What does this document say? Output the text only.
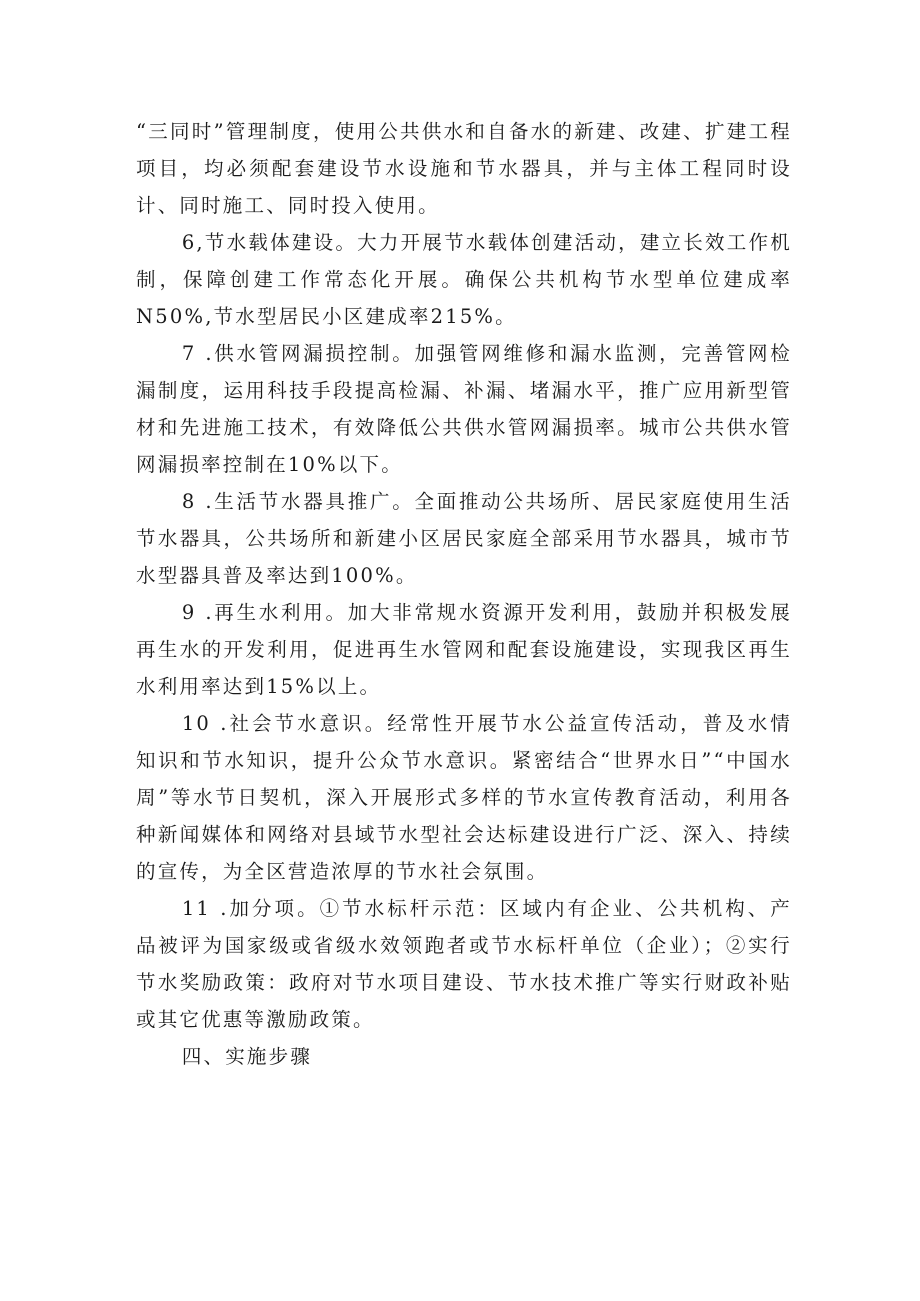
“三同时”管理制度，使用公共供水和自备水的新建、改建、扩建工程项目，均必须配套建设节水设施和节水器具，并与主体工程同时设计、同时施工、同时投入使用。

6,节水载体建设。大力开展节水载体创建活动，建立长效工作机制，保障创建工作常态化开展。确保公共机构节水型单位建成率N50%,节水型居民小区建成率215%。

7 .供水管网漏损控制。加强管网维修和漏水监测，完善管网检漏制度，运用科技手段提高检漏、补漏、堵漏水平，推广应用新型管材和先进施工技术，有效降低公共供水管网漏损率。城市公共供水管网漏损率控制在10%以下。

8 .生活节水器具推广。全面推动公共场所、居民家庭使用生活节水器具，公共场所和新建小区居民家庭全部采用节水器具，城市节水型器具普及率达到100%。

9 .再生水利用。加大非常规水资源开发利用，鼓励并积极发展再生水的开发利用，促进再生水管网和配套设施建设，实现我区再生水利用率达到15%以上。

10 .社会节水意识。经常性开展节水公益宣传活动，普及水情知识和节水知识，提升公众节水意识。紧密结合“世界水日”“中国水周”等水节日契机，深入开展形式多样的节水宣传教育活动，利用各种新闻媒体和网络对县域节水型社会达标建设进行广泛、深入、持续的宣传，为全区营造浓厚的节水社会氛围。

11 .加分项。①节水标杆示范：区域内有企业、公共机构、产品被评为国家级或省级水效领跑者或节水标杆单位（企业）；②实行节水奖励政策：政府对节水项目建设、节水技术推广等实行财政补贴或其它优惠等激励政策。

四、实施步骤
